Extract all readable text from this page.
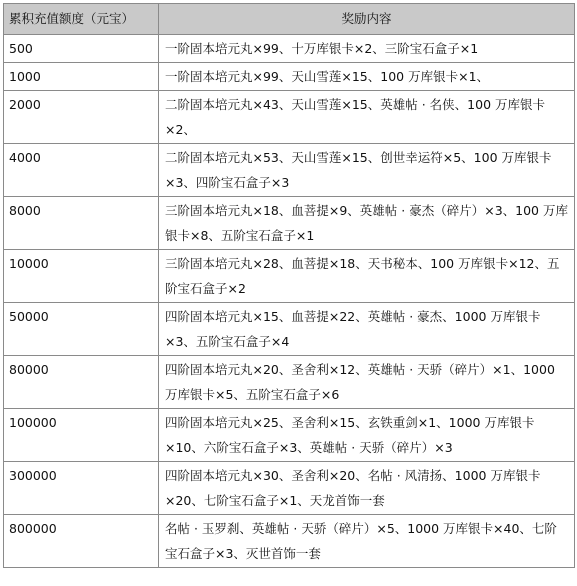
累积充值额度（元宝）	奖励内容
500	一阶固本培元丸×99、十万库银卡×2、三阶宝石盒子×1
1000	一阶固本培元丸×99、天山雪莲×15、100 万库银卡×1、
2000	二阶固本培元丸×43、天山雪莲×15、英雄帖 · 名侠、100 万库银卡×2、
4000	二阶固本培元丸×53、天山雪莲×15、创世幸运符×5、100 万库银卡×3、四阶宝石盒子×3
8000	三阶固本培元丸×18、血菩提×9、英雄帖 · 豪杰（碎片）×3、100 万库银卡×8、五阶宝石盒子×1
10000	三阶固本培元丸×28、血菩提×18、天书秘本、100 万库银卡×12、五阶宝石盒子×2
50000	四阶固本培元丸×15、血菩提×22、英雄帖 · 豪杰、1000 万库银卡×3、五阶宝石盒子×4
80000	四阶固本培元丸×20、圣舍利×12、英雄帖 · 天骄（碎片）×1、1000 万库银卡×5、五阶宝石盒子×6
100000	四阶固本培元丸×25、圣舍利×15、玄铁重剑×1、1000 万库银卡×10、六阶宝石盒子×3、英雄帖 · 天骄（碎片）×3
300000	四阶固本培元丸×30、圣舍利×20、名帖 · 风清扬、1000 万库银卡×20、七阶宝石盒子×1、天龙首饰一套
800000	名帖 · 玉罗刹、英雄帖 · 天骄（碎片）×5、1000 万库银卡×40、七阶宝石盒子×3、灭世首饰一套
